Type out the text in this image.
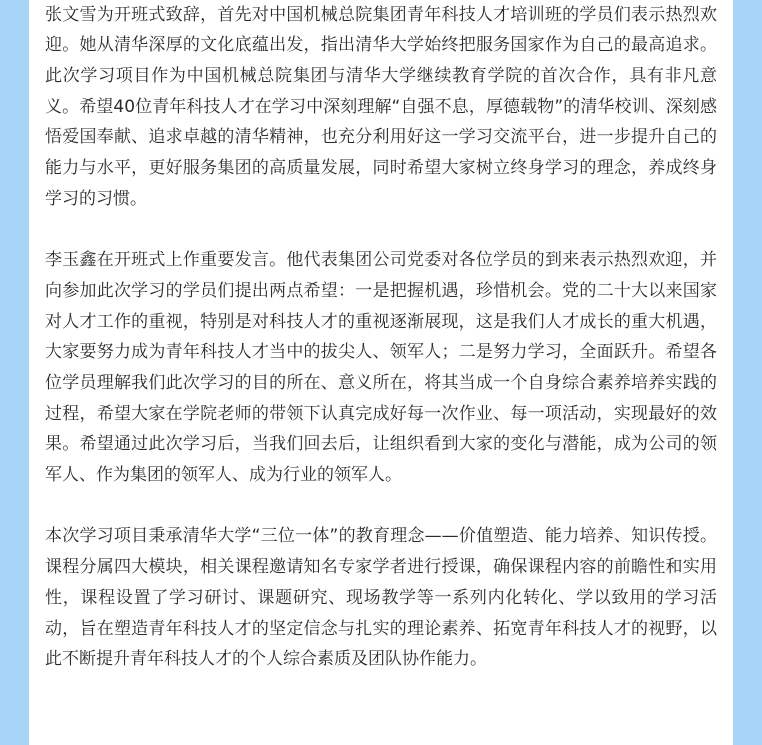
张文雪为开班式致辞，首先对中国机械总院集团青年科技人才培训班的学员们表示热烈欢迎。她从清华深厚的文化底蕴出发，指出清华大学始终把服务国家作为自己的最高追求。此次学习项目作为中国机械总院集团与清华大学继续教育学院的首次合作，具有非凡意义。希望40位青年科技人才在学习中深刻理解“自强不息，厚德载物”的清华校训、深刻感悟爱国奉献、追求卓越的清华精神，也充分利用好这一学习交流平台，进一步提升自己的能力与水平，更好服务集团的高质量发展，同时希望大家树立终身学习的理念，养成终身学习的习惯。

李玉鑫在开班式上作重要发言。他代表集团公司党委对各位学员的到来表示热烈欢迎，并向参加此次学习的学员们提出两点希望：一是把握机遇，珍惜机会。党的二十大以来国家对人才工作的重视，特别是对科技人才的重视逐渐展现，这是我们人才成长的重大机遇，大家要努力成为青年科技人才当中的拔尖人、领军人；二是努力学习，全面跃升。希望各位学员理解我们此次学习的目的所在、意义所在，将其当成一个自身综合素养培养实践的过程，希望大家在学院老师的带领下认真完成好每一次作业、每一项活动，实现最好的效果。希望通过此次学习后，当我们回去后，让组织看到大家的变化与潜能，成为公司的领军人、作为集团的领军人、成为行业的领军人。

本次学习项目秉承清华大学“三位一体”的教育理念——价值塑造、能力培养、知识传授。课程分属四大模块，相关课程邀请知名专家学者进行授课，确保课程内容的前瞻性和实用性，课程设置了学习研讨、课题研究、现场教学等一系列内化转化、学以致用的学习活动，旨在塑造青年科技人才的坚定信念与扎实的理论素养、拓宽青年科技人才的视野，以此不断提升青年科技人才的个人综合素质及团队协作能力。
